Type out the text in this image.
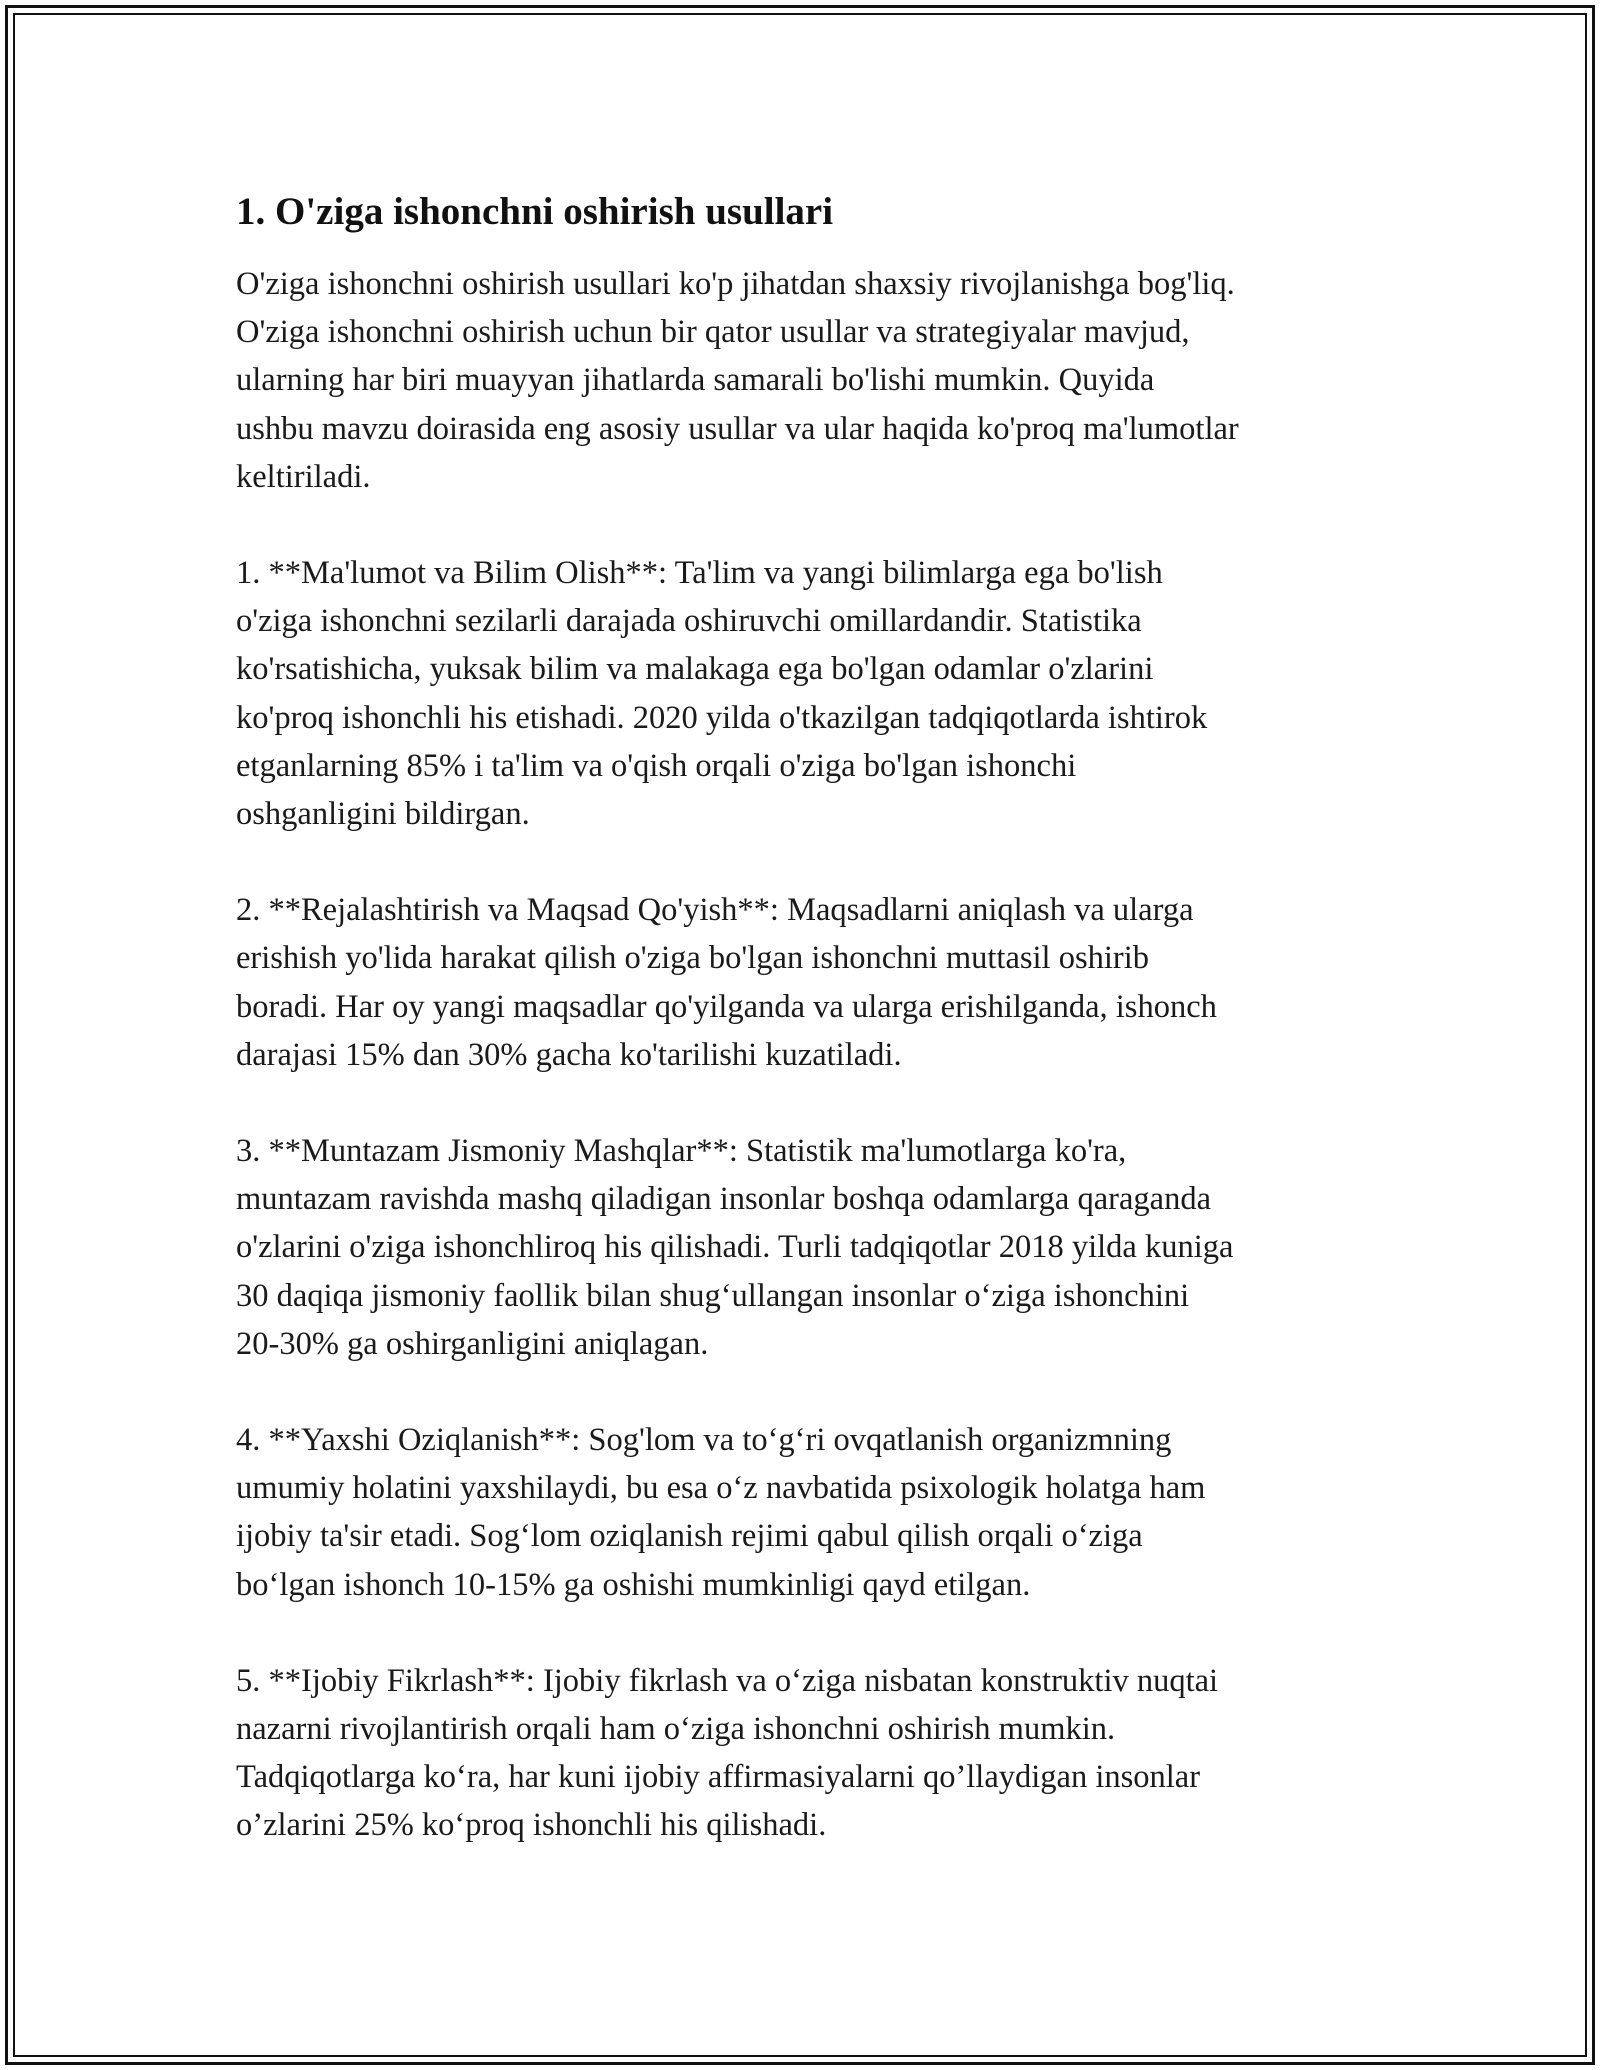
1. O'ziga ishonchni oshirish usullari

O'ziga ishonchni oshirish usullari ko'p jihatdan shaxsiy rivojlanishga bog'liq.
O'ziga ishonchni oshirish uchun bir qator usullar va strategiyalar mavjud,
ularning har biri muayyan jihatlarda samarali bo'lishi mumkin. Quyida
ushbu mavzu doirasida eng asosiy usullar va ular haqida ko'proq ma'lumotlar
keltiriladi.

1. **Ma'lumot va Bilim Olish**: Ta'lim va yangi bilimlarga ega bo'lish
o'ziga ishonchni sezilarli darajada oshiruvchi omillardandir. Statistika
ko'rsatishicha, yuksak bilim va malakaga ega bo'lgan odamlar o'zlarini
ko'proq ishonchli his etishadi. 2020 yilda o'tkazilgan tadqiqotlarda ishtirok
etganlarning 85% i ta'lim va o'qish orqali o'ziga bo'lgan ishonchi
oshganligini bildirgan.

2. **Rejalashtirish va Maqsad Qo'yish**: Maqsadlarni aniqlash va ularga
erishish yo'lida harakat qilish o'ziga bo'lgan ishonchni muttasil oshirib
boradi. Har oy yangi maqsadlar qo'yilganda va ularga erishilganda, ishonch
darajasi 15% dan 30% gacha ko'tarilishi kuzatiladi.

3. **Muntazam Jismoniy Mashqlar**: Statistik ma'lumotlarga ko'ra,
muntazam ravishda mashq qiladigan insonlar boshqa odamlarga qaraganda
o'zlarini o'ziga ishonchliroq his qilishadi. Turli tadqiqotlar 2018 yilda kuniga
30 daqiqa jismoniy faollik bilan shug‘ullangan insonlar o‘ziga ishonchini
20-30% ga oshirganligini aniqlagan.

4. **Yaxshi Oziqlanish**: Sog'lom va to‘g‘ri ovqatlanish organizmning
umumiy holatini yaxshilaydi, bu esa o‘z navbatida psixologik holatga ham
ijobiy ta'sir etadi. Sog‘lom oziqlanish rejimi qabul qilish orqali o‘ziga
bo‘lgan ishonch 10-15% ga oshishi mumkinligi qayd etilgan.

5. **Ijobiy Fikrlash**: Ijobiy fikrlash va o‘ziga nisbatan konstruktiv nuqtai
nazarni rivojlantirish orqali ham o‘ziga ishonchni oshirish mumkin.
Tadqiqotlarga ko‘ra, har kuni ijobiy affirmasiyalarni qo’llaydigan insonlar
o’zlarini 25% ko‘proq ishonchli his qilishadi.
